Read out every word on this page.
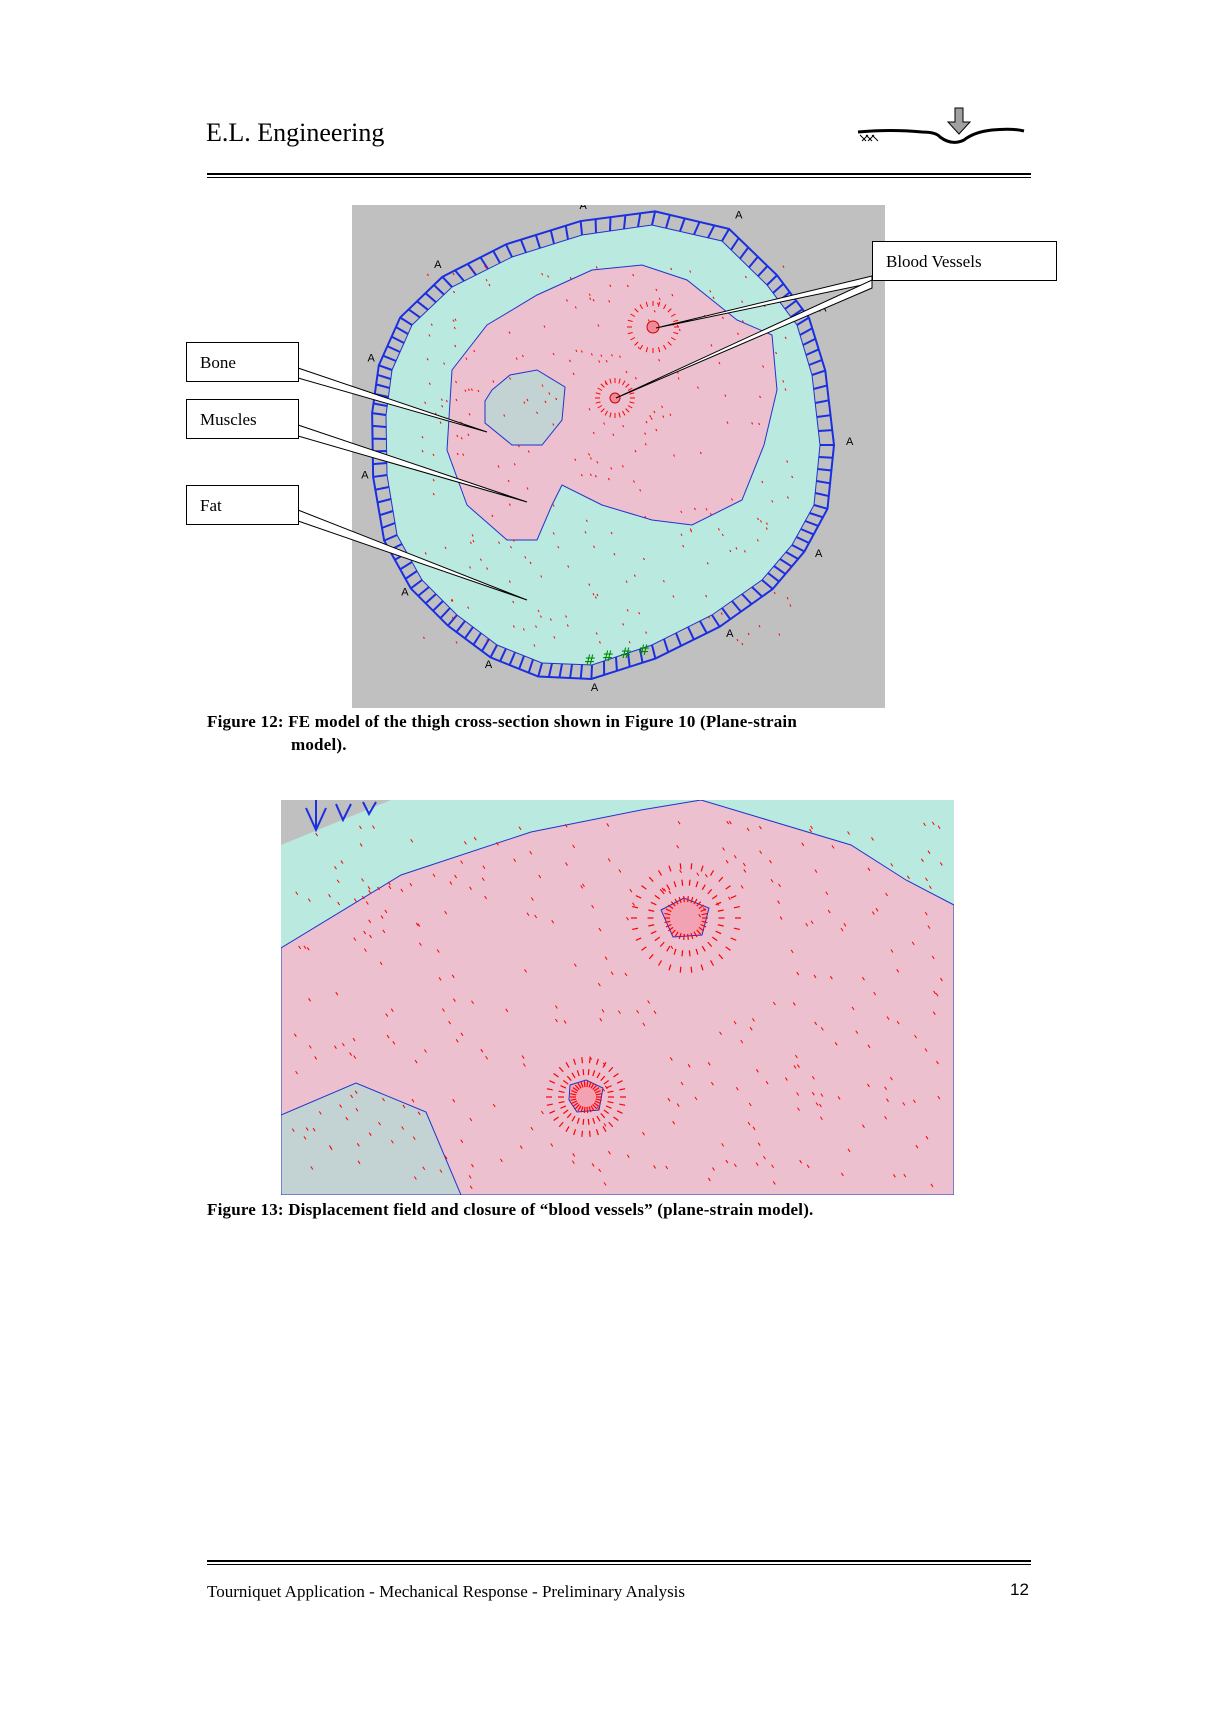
E.L. Engineering
A
A
A
A
A
A
A
A
A
A
A
# # # #
Bone
Muscles
Fat
Blood Vessels
Figure 12: FE model of the thigh cross-section shown in Figure 10 (Plane-strain
model).
Figure 13: Displacement field and closure of “blood vessels” (plane-strain model).
Tourniquet Application - Mechanical Response - Preliminary Analysis	12
